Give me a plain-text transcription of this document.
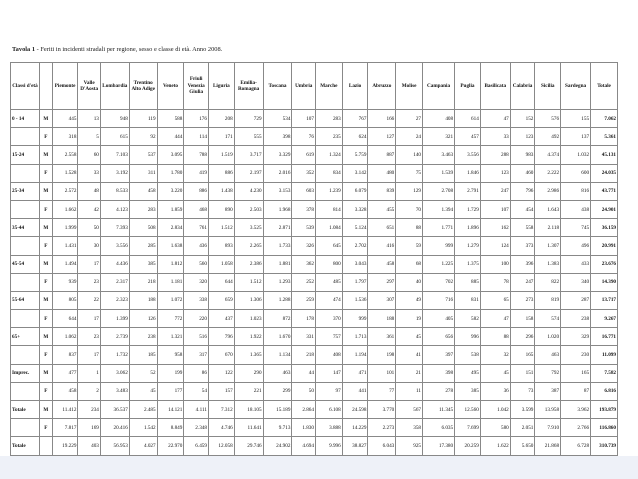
Tavola 1 - Feriti in incidenti stradali per regione, sesso e classe di età. Anno 2008.
Classi d'età		Piemonte	Valle D'Aosta	Lombardia	Trentino Alto Adige	Veneto	Friuli Venezia Giulia	Liguria	Emilia-Romagna	Toscana	Umbria	Marche	Lazio	Abruzzo	Molise	Campania	Puglia	Basilicata	Calabria	Sicilia	Sardegna	Totale
0 - 14	M	445	13	948	119	588	176	208	729	534	107	283	767	166	27	408	614	47	152	576	155	7.062
	F	318	5	615	92	444	114	171	555	398	76	235	624	127	24	321	457	33	123	492	137	5.361
15-24	M	2.558	60	7.103	537	3.095	788	1.519	3.717	3.329	619	1.324	5.759	887	140	3.463	3.556	288	983	4.374	1.032	45.131
	F	1.528	33	3.192	311	1.780	419	886	2.197	2.016	352	834	3.142	480	75	1.539	1.846	123	460	2.222	600	24.035
25-34	M	2.572	48	8.533	458	3.220	886	1.438	4.230	3.153	603	1.239	6.079	839	129	2.708	2.791	247	796	2.986	816	43.771
	F	1.662	42	4.123	283	1.859	468	890	2.503	1.968	378	814	3.328	455	70	1.394	1.729	107	454	1.643	438	24.901
35-44	M	1.999	50	7.393	508	2.834	761	1.512	3.525	2.871	539	1.084	5.124	651	88	1.771	1.896	162	558	2.118	745	36.159
	F	1.431	30	3.556	285	1.638	436	893	2.265	1.733	326	645	2.702	416	59	999	1.279	124	373	1.307	496	20.991
45-54	M	1.494	17	4.436	385	1.812	560	1.058	2.386	1.881	362	800	3.043	458	68	1.225	1.375	100	396	1.383	433	23.676
	F	939	23	2.317	218	1.181	320	644	1.512	1.293	252	485	1.797	297	40	702	885	78	247	822	340	14.390
55-64	M	805	22	2.323	188	1.072	338	659	1.306	1.288	259	474	1.536	307	49	716	831	65	273	819	287	13.717
	F	644	17	1.399	126	772	220	437	1.023	872	178	370	999	188	19	405	582	47	158	574	238	9.267
65+	M	1.062	23	2.739	238	1.321	516	796	1.922	1.670	331	757	1.713	361	45	656	996	88	296	1.020	329	16.771
	F	837	17	1.732	185	958	317	670	1.365	1.134	218	408	1.194	198	41	397	538	32	165	463	230	11.099
Imprec.	M	477	1	3.062	52	199	86	122	290	463	44	147	471	101	21	398	495	45	151	792	165	7.582
	F	458	2	3.483	45	177	54	157	221	299	50	97	441	77	11	278	385	36	73	387	87	6.816
Totale	M	11.412	234	36.537	2.485	14.121	4.111	7.312	18.105	15.189	2.864	6.108	24.598	3.770	567	11.345	12.560	1.042	3.599	13.958	3.962	193.879
	F	7.817	169	20.416	1.542	8.849	2.348	4.746	11.641	9.713	1.830	3.888	14.229	2.273	358	6.035	7.699	580	2.051	7.910	2.766	116.860
Totale		19.229	403	56.953	4.027	22.970	6.459	12.058	29.746	24.902	4.694	9.996	38.827	6.043	925	17.380	20.259	1.622	5.650	21.868	6.728	310.739
